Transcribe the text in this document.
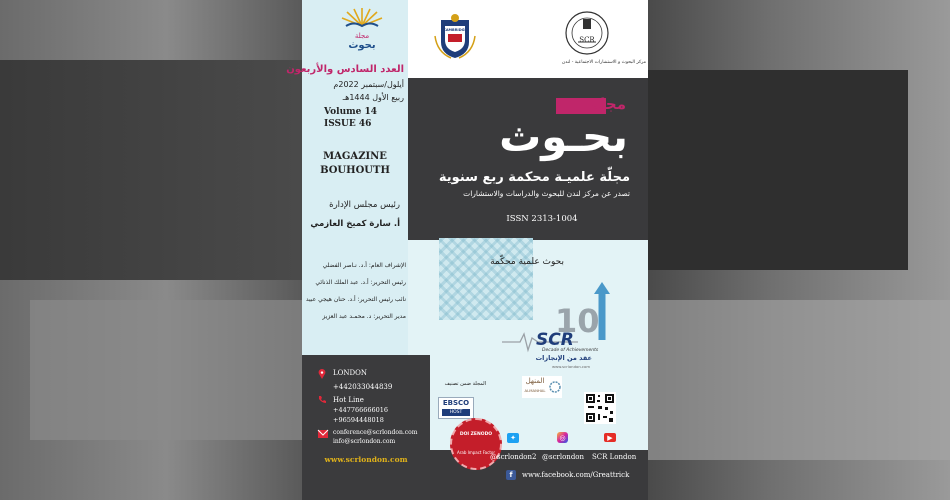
مجلة
بحوث
العدد السادس والأربعون
أيلول/سبتمبر 2022م
ربيع الأول 1444هـ
Volume 14
ISSUE 46
MAGAZINE
BOUHOUTH
رئيس مجلس الإدارة
أ. سارة كميخ العازمي
الإشراف العام: أ.د. نـاصر الفضلي
رئيس التحرير: أ.د. عبد الملك الذنائي
نائب رئيس التحرير: أ.د. حنان هيجي عبيد
مدير التحرير: د. محمـد عبد العزيز
KAMBRIDGE
SCR
مركز البحوث و الاستشارات الاجتماعية - لندن
مجلة
بحـوث
مجلّة علميـة محكمة ربع سنوية
تصدر عن مركز لندن للبحوث والدراسات والاستشارات
ISSN 2313-1004
بحوث علمية محكّمة
10
SCR
Decade of Achievements
عقد من الإنجازات
www.scrlondon.com
المجلة ضمن تصنيف
EBSCO
HOST
المنهل
ALMANHAL
DOI ZENODO
Arab Impact Factor
✦	◎	▶
@scrlondon2 @scrlondon SCR London
f	www.facebook.com/Greattrick
LONDON
+442033044839
Hot Line
+447766666016
+96594448018
conference@scrlondon.com
info@scrlondon.com
www.scrlondon.com
